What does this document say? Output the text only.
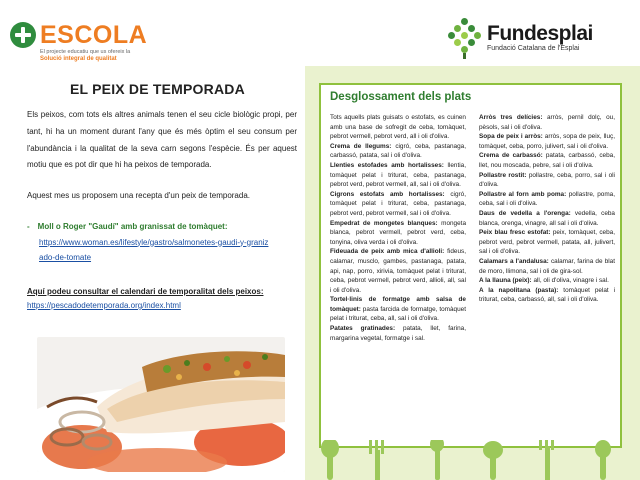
ESCOLA
El projecte educatiu que us ofereix la
Solució integral de qualitat
Fundesplai
Fundació Catalana de l'Esplai
EL PEIX DE TEMPORADA
Els peixos, com tots els altres animals tenen el seu cicle biològic propi, per tant, hi ha un moment durant l'any que és més òptim el seu consum per l'abundància i la qualitat de la seva carn segons l'espècie. És per aquest motiu que es pot dir que hi ha peixos de temporada.
Aquest mes us proposem una recepta d'un peix de temporada.
- Moll o Roger "Gaudí" amb granissat de tomàquet:
https://www.woman.es/lifestyle/gastro/salmonetes-gaudi-y-granizado-de-tomate
Aquí podeu consultar el calendari de temporalitat dels peixos:
https://pescadodetemporada.org/index.html
Desglossament dels plats

Tots aquells plats guisats o estofats, es cuinen amb una base de sofregit de ceba, tomàquet, pebrot vermell, pebrot verd, all i oli d'oliva.

Crema de llegums: cigró, ceba, pastanaga, carbassó, patata, sal i oli d'oliva.

Llenties estofades amb hortalisses: llentia, tomàquet pelat i triturat, ceba, pastanaga, pebrot verd, pebrot vermell, all, sal i oli d'oliva.

Cigrons estofats amb hortalisses: cigró, tomàquet pelat i triturat, ceba, pastanaga, pebrot verd, pebrot vermell, sal i oli d'oliva.

Empedrat de mongetes blanques: mongeta blanca, pebrot vermell, pebrot verd, ceba, tonyina, oliva verda i oli d'oliva.

Fideuada de peix amb mica d'allioli: fideus, calamar, musclo, gambes, pastanaga, patata, api, nap, porro, xirivia, tomàquet pelat i triturat, ceba, pebrot vermell, pebrot verd, allioli, all, sal i oli d'oliva.

Tortel·linis de formatge amb salsa de tomàquet: pasta farcida de formatge, tomàquet pelat i triturat, ceba, all, sal i oli d'oliva.

Patates gratinades: patata, llet, farina, margarina vegetal, formatge i sal.

Arròs tres delícies: arròs, pernil dolç, ou, pèsols, sal i oli d'oliva.

Sopa de peix i arròs: arròs, sopa de peix, lluç, tomàquet, ceba, porro, julivert, sal i oli d'oliva.

Crema de carbassó: patata, carbassó, ceba, llet, nou moscada, pebre, sal i oli d'oliva.

Pollastre rostit: pollastre, ceba, porro, sal i oli d'oliva.

Pollastre al forn amb poma: pollastre, poma, ceba, sal i oli d'oliva.

Daus de vedella a l'orenga: vedella, ceba blanca, orenga, vinagre, all sal i oli d'oliva.

Peix blau fresc estofat: peix, tomàquet, ceba, pebrot verd, pebrot vermell, patata, all, julivert, sal i oli d'oliva.

Calamars a l'andalusa: calamar, farina de blat de moro, llimona, sal i oli de gira-sol.

A la llauna (peix): all, oli d'oliva, vinagre i sal.

A la napolitana (pasta): tomàquet pelat i triturat, ceba, carbassó, all, sal i oli d'oliva.
